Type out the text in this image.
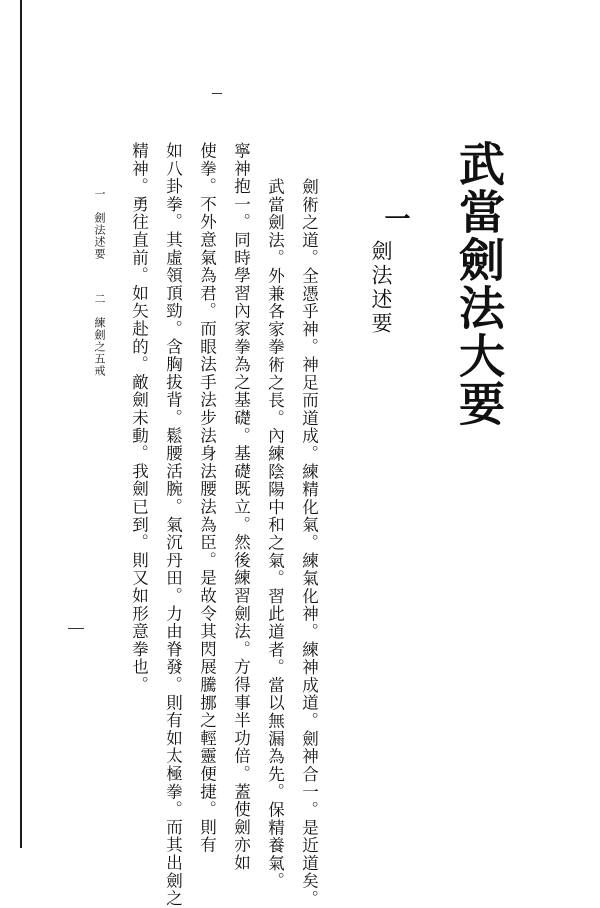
武當劍法大要
一
劍法述要
劍術之道。全憑乎神。神足而道成。練精化氣。練氣化神。練神成道。劍神合一。是近道矣。
武當劍法。外兼各家拳術之長。內練陰陽中和之氣。習此道者。當以無漏為先。保精養氣。
寧神抱一。同時學習內家拳為之基礎。基礎既立。然後練習劍法。方得事半功倍。蓋使劍亦如
使拳。不外意氣為君。而眼法手法步法身法腰法為臣。是故令其閃展騰挪之輕靈便捷。則有
如八卦拳。其虛領頂勁。含胸拔背。鬆腰活腕。氣沉丹田。力由脊發。則有如太極拳。而其出劍之
精神。勇往直前。如矢赴的。敵劍未動。我劍已到。則又如形意拳也。
一　劍法述要
二　練劍之五戒
